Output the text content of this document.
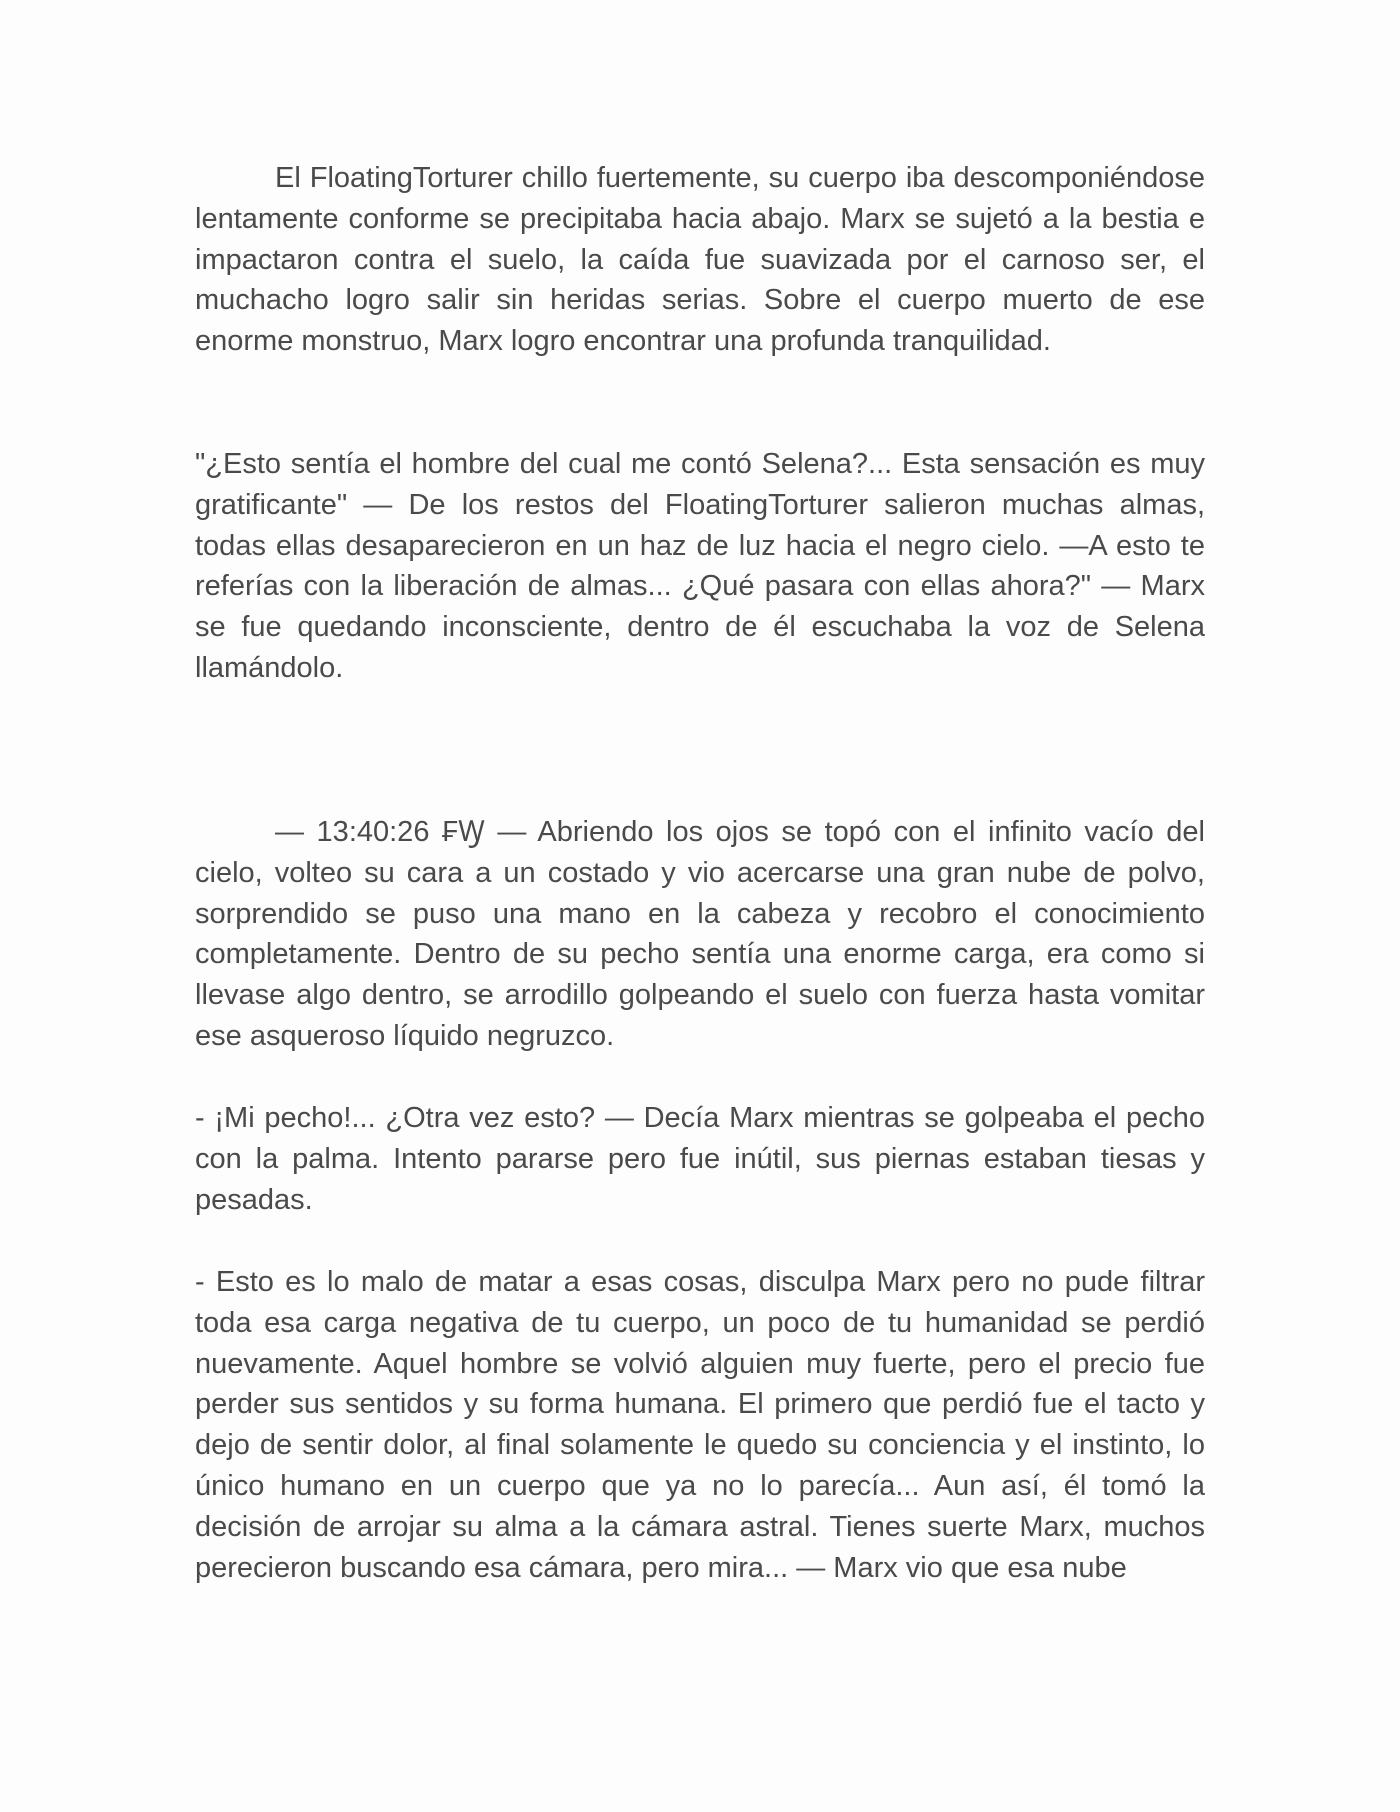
El FloatingTorturer chillo fuertemente, su cuerpo iba descomponiéndose lentamente conforme se precipitaba hacia abajo. Marx se sujetó a la bestia e impactaron contra el suelo, la caída fue suavizada por el carnoso ser, el muchacho logro salir sin heridas serias. Sobre el cuerpo muerto de ese enorme monstruo, Marx logro encontrar una profunda tranquilidad.

"¿Esto sentía el hombre del cual me contó Selena?... Esta sensación es muy gratificante" — De los restos del FloatingTorturer salieron muchas almas, todas ellas desaparecieron en un haz de luz hacia el negro cielo. —A esto te referías con la liberación de almas... ¿Qué pasara con ellas ahora?" — Marx se fue quedando inconsciente, dentro de él escuchaba la voz de Selena llamándolo.

— 13:40:26 ₣Ꝡ — Abriendo los ojos se topó con el infinito vacío del cielo, volteo su cara a un costado y vio acercarse una gran nube de polvo, sorprendido se puso una mano en la cabeza y recobro el conocimiento completamente. Dentro de su pecho sentía una enorme carga, era como si llevase algo dentro, se arrodillo golpeando el suelo con fuerza hasta vomitar ese asqueroso líquido negruzco.

- ¡Mi pecho!... ¿Otra vez esto? — Decía Marx mientras se golpeaba el pecho con la palma. Intento pararse pero fue inútil, sus piernas estaban tiesas y pesadas.

- Esto es lo malo de matar a esas cosas, disculpa Marx pero no pude filtrar toda esa carga negativa de tu cuerpo, un poco de tu humanidad se perdió nuevamente. Aquel hombre se volvió alguien muy fuerte, pero el precio fue perder sus sentidos y su forma humana. El primero que perdió fue el tacto y dejo de sentir dolor, al final solamente le quedo su conciencia y el instinto, lo único humano en un cuerpo que ya no lo parecía... Aun así, él tomó la decisión de arrojar su alma a la cámara astral. Tienes suerte Marx, muchos perecieron buscando esa cámara, pero mira... — Marx vio que esa nube
